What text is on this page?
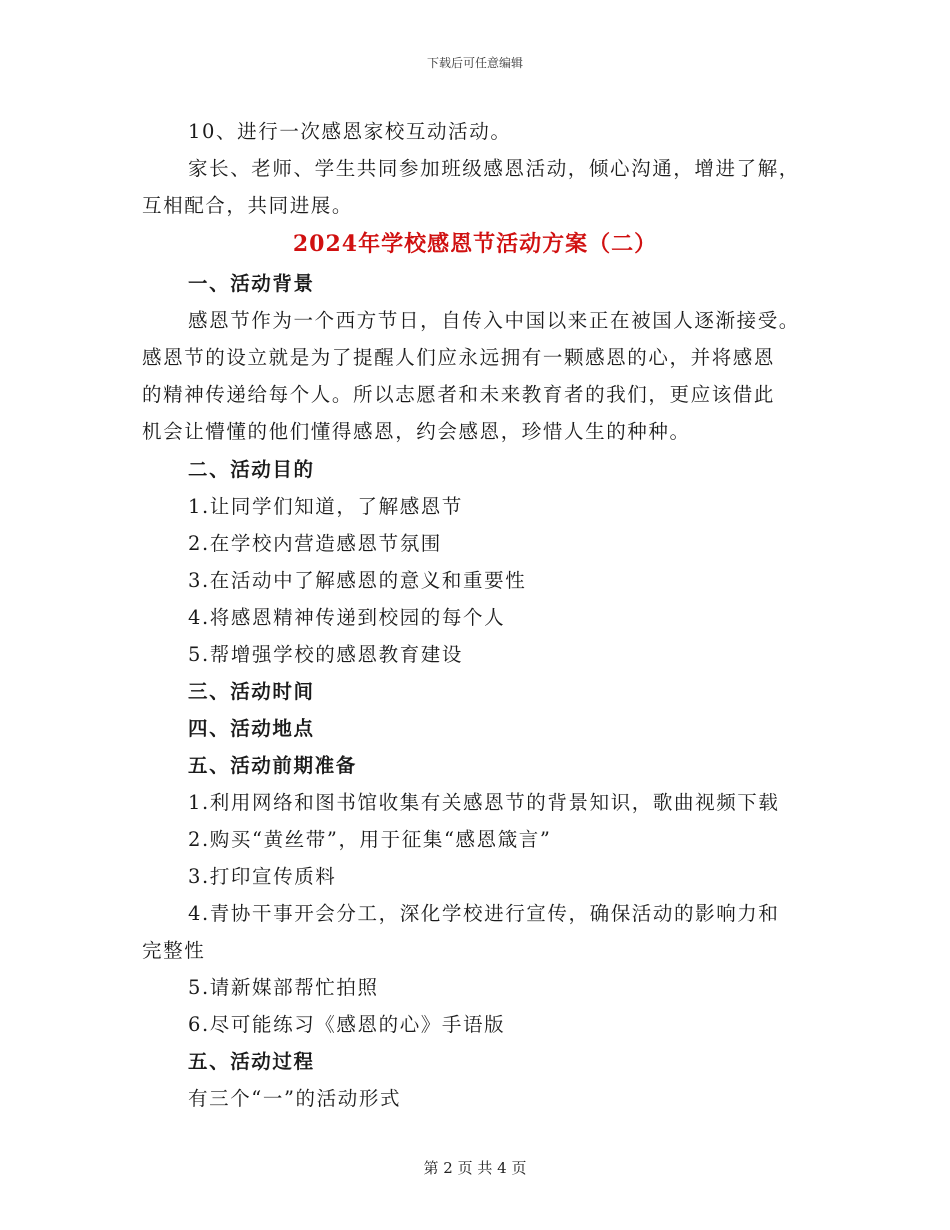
下载后可任意编辑
10、进行一次感恩家校互动活动。
家长、老师、学生共同参加班级感恩活动，倾心沟通，增进了解，
互相配合，共同进展。
2024年学校感恩节活动方案（二）
一、活动背景
感恩节作为一个西方节日，自传入中国以来正在被国人逐渐接受。
感恩节的设立就是为了提醒人们应永远拥有一颗感恩的心，并将感恩
的精神传递给每个人。所以志愿者和未来教育者的我们，更应该借此
机会让懵懂的他们懂得感恩，约会感恩，珍惜人生的种种。
二、活动目的
1.让同学们知道，了解感恩节
2.在学校内营造感恩节氛围
3.在活动中了解感恩的意义和重要性
4.将感恩精神传递到校园的每个人
5.帮增强学校的感恩教育建设
三、活动时间
四、活动地点
五、活动前期准备
1.利用网络和图书馆收集有关感恩节的背景知识，歌曲视频下载
2.购买“黄丝带”，用于征集“感恩箴言”
3.打印宣传质料
4.青协干事开会分工，深化学校进行宣传，确保活动的影响力和
完整性
5.请新媒部帮忙拍照
6.尽可能练习《感恩的心》手语版
五、活动过程
有三个“一”的活动形式
第 2 页 共 4 页
